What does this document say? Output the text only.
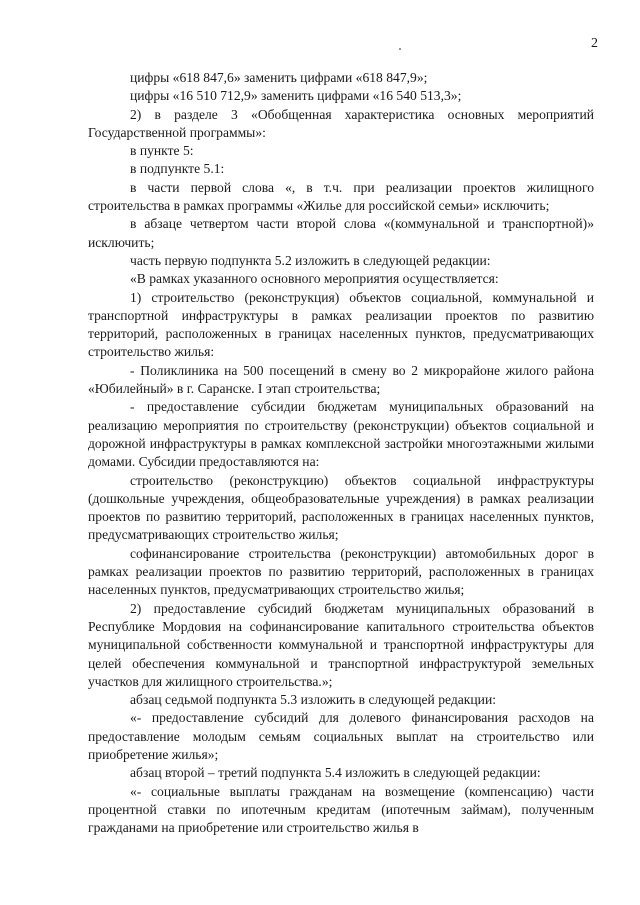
2

цифры «618 847,6» заменить цифрами «618 847,9»;

цифры «16 510 712,9» заменить цифрами «16 540 513,3»;

2) в разделе 3 «Обобщенная характеристика основных мероприятий Государственной программы»:

в пункте 5:

в подпункте 5.1:

в части первой слова «, в т.ч. при реализации проектов жилищного строительства в рамках программы «Жилье для российской семьи» исключить;

в абзаце четвертом части второй слова «(коммунальной и транспортной)» исключить;

часть первую подпункта 5.2 изложить в следующей редакции:

«В рамках указанного основного мероприятия осуществляется:

1) строительство (реконструкция) объектов социальной, коммунальной и транспортной инфраструктуры в рамках реализации проектов по развитию территорий, расположенных в границах населенных пунктов, предусматривающих строительство жилья:

- Поликлиника на 500 посещений в смену во 2 микрорайоне жилого района «Юбилейный» в г. Саранске. I этап строительства;

- предоставление субсидии бюджетам муниципальных образований на реализацию мероприятия по строительству (реконструкции) объектов социальной и дорожной инфраструктуры в рамках комплексной застройки многоэтажными жилыми домами. Субсидии предоставляются на:

строительство (реконструкцию) объектов социальной инфраструктуры (дошкольные учреждения, общеобразовательные учреждения) в рамках реализации проектов по развитию территорий, расположенных в границах населенных пунктов, предусматривающих строительство жилья;

софинансирование строительства (реконструкции) автомобильных дорог в рамках реализации проектов по развитию территорий, расположенных в границах населенных пунктов, предусматривающих строительство жилья;

2) предоставление субсидий бюджетам муниципальных образований в Республике Мордовия на софинансирование капитального строительства объектов муниципальной собственности коммунальной и транспортной инфраструктуры для целей обеспечения коммунальной и транспортной инфраструктурой земельных участков для жилищного строительства.»;

абзац седьмой подпункта 5.3 изложить в следующей редакции:

«- предоставление субсидий для долевого финансирования расходов на предоставление молодым семьям социальных выплат на строительство или приобретение жилья»;

абзац второй – третий подпункта 5.4 изложить в следующей редакции:

«- социальные выплаты гражданам на возмещение (компенсацию) части процентной ставки по ипотечным кредитам (ипотечным займам), полученным гражданами на приобретение или строительство жилья в
